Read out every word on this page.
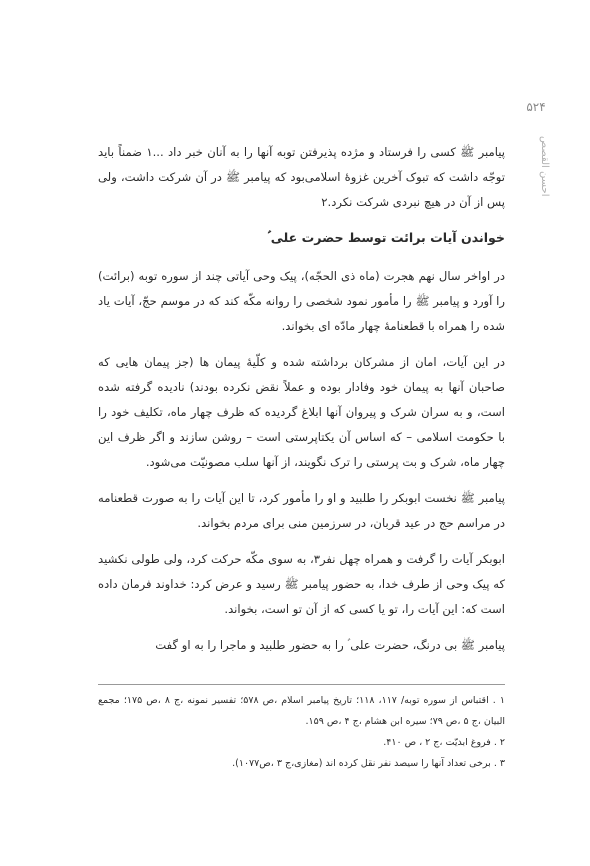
۵۲۴
احسن القصص

پیامبر ﷺ کسی را فرستاد و مژده پذیرفتن توبه آنها را به آنان خبر داد ...۱ ضمناً باید توجّه داشت که تبوک آخرین غزوهٔ اسلامی‌بود که پیامبر ﷺ در آن شرکت داشت، ولی پس از آن در هیچ نبردی شرکت نکرد.۲

خواندن آیات برائت توسط حضرت علی ؑ

در اواخر سال نهم هجرت (ماه ذی الحجّه)، پیک وحی آیاتی چند از سوره توبه (برائت) را آورد و پیامبر ﷺ را مأمور نمود شخصی را روانه مکّه کند که در موسم حجّ، آیات یاد شده را همراه با قطعنامهٔ چهار مادّه ای بخواند.

در این آیات، امان از مشرکان برداشته شده و کلّیهٔ پیمان ها (جز پیمان هایی که صاحبان آنها به پیمان خود وفادار بوده و عملاً نقض نکرده بودند) نادیده گرفته شده است، و به سران شرک و پیروان آنها ابلاغ گردیده که ظرف چهار ماه، تکلیف خود را با حکومت اسلامی – که اساس آن یکتاپرستی است – روشن سازند و اگر ظرف این چهار ماه، شرک و بت پرستی را ترک نگویند، از آنها سلب مصونیّت می‌شود.

پیامبر ﷺ نخست ابوبکر را طلبید و او را مأمور کرد، تا این آیات را به صورت قطعنامه در مراسم حج در عید قربان، در سرزمین منی برای مردم بخواند.

ابوبکر آیات را گرفت و همراه چهل نفر۳، به سوی مکّه حرکت کرد، ولی طولی نکشید که پیک وحی از طرف خدا، به حضور پیامبر ﷺ رسید و عرض کرد: خداوند فرمان داده است که: این آیات را، تو یا کسی که از آن تو است، بخواند.

پیامبر ﷺ بی درنگ، حضرت علی ؑ را به حضور طلبید و ماجرا را به او گفت

۱ . اقتباس از سوره توبه/ ۱۱۷، ۱۱۸؛ تاریخ پیامبر اسلام ،ص ۵۷۸؛ تفسیر نمونه ،ج ۸ ،ص ۱۷۵؛ مجمع البیان ،ج ۵ ،ص ۷۹؛ سیره ابن هشام ،ج ۴ ،ص ۱۵۹.

۲ . فروغ ابدیّت ،ج ۲ ، ص ۴۱۰.

۳ . برخی تعداد آنها را سیصد نفر نقل کرده اند (مغازی،ج ۳ ،ص۱۰۷۷).
